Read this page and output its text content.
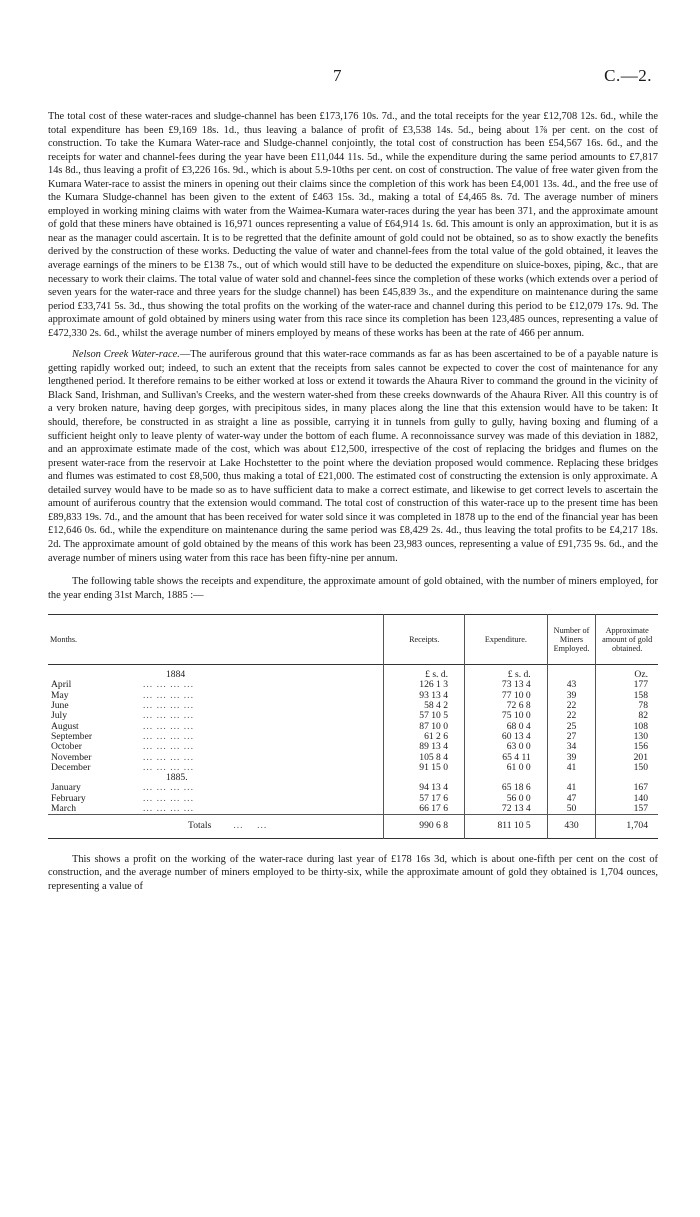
7	C.—2.

The total cost of these water-races and sludge-channel has been £173,176 10s. 7d., and the total receipts for the year £12,708 12s. 6d., while the total expenditure has been £9,169 18s. 1d., thus leaving a balance of profit of £3,538 14s. 5d., being about 1⅞ per cent. on the cost of construction. To take the Kumara Water-race and Sludge-channel conjointly, the total cost of construction has been £54,567 16s. 6d., and the receipts for water and channel-fees during the year have been £11,044 11s. 5d., while the expenditure during the same period amounts to £7,817 14s 8d., thus leaving a profit of £3,226 16s. 9d., which is about 5.9-10ths per cent. on cost of construction. The value of free water given from the Kumara Water-race to assist the miners in opening out their claims since the completion of this work has been £4,001 13s. 4d., and the free use of the Kumara Sludge-channel has been given to the extent of £463 15s. 3d., making a total of £4,465 8s. 7d. The average number of miners employed in working mining claims with water from the Waimea-Kumara water-races during the year has been 371, and the approximate amount of gold that these miners have obtained is 16,971 ounces representing a value of £64,914 1s. 6d. This amount is only an approximation, but it is as near as the manager could ascertain. It is to be regretted that the definite amount of gold could not be obtained, so as to show exactly the benefits derived by the construction of these works. Deducting the value of water and channel-fees from the total value of the gold obtained, it leaves the average earnings of the miners to be £138 7s., out of which would still have to be deducted the expenditure on sluice-boxes, piping, &c., that are necessary to work their claims. The total value of water sold and channel-fees since the completion of these works (which extends over a period of seven years for the water-race and three years for the sludge channel) has been £45,839 3s., and the expenditure on maintenance during the same period £33,741 5s. 3d., thus showing the total profits on the working of the water-race and channel during this period to be £12,079 17s. 9d. The approximate amount of gold obtained by miners using water from this race since its completion has been 123,485 ounces, representing a value of £472,330 2s. 6d., whilst the average number of miners employed by means of these works has been at the rate of 466 per annum.

Nelson Creek Water-race.—The auriferous ground that this water-race commands as far as has been ascertained to be of a payable nature is getting rapidly worked out; indeed, to such an extent that the receipts from sales cannot be expected to cover the cost of maintenance for any lengthened period. It therefore remains to be either worked at loss or extend it towards the Ahaura River to command the ground in the vicinity of Black Sand, Irishman, and Sullivan's Creeks, and the western water-shed from these creeks downwards of the Ahaura River. All this country is of a very broken nature, having deep gorges, with precipitous sides, in many places along the line that this extension would have to be taken: It should, therefore, be constructed in as straight a line as possible, carrying it in tunnels from gully to gully, having boxing and fluming of a sufficient height only to leave plenty of water-way under the bottom of each flume. A reconnoissance survey was made of this deviation in 1882, and an approximate estimate made of the cost, which was about £12,500, irrespective of the cost of replacing the bridges and flumes on the present water-race from the reservoir at Lake Hochstetter to the point where the deviation proposed would commence. Replacing these bridges and flumes was estimated to cost £8,500, thus making a total of £21,000. The estimated cost of constructing the extension is only approximate. A detailed survey would have to be made so as to have sufficient data to make a correct estimate, and likewise to get correct levels to ascertain the amount of auriferous country that the extension would command. The total cost of construction of this water-race up to the present time has been £89,833 19s. 7d., and the amount that has been received for water sold since it was completed in 1878 up to the end of the financial year has been £12,646 0s. 6d., while the expenditure on maintenance during the same period was £8,429 2s. 4d., thus leaving the total profits to be £4,217 18s. 2d. The approximate amount of gold obtained by the means of this work has been 23,983 ounces, representing a value of £91,735 9s. 6d., and the average number of miners using water from this race has been fifty-nine per annum.

The following table shows the receipts and expenditure, the approximate amount of gold obtained, with the number of miners employed, for the year ending 31st March, 1885 :—

Months.	Receipts.	Expenditure.	Number of Miners Employed.	Approximate amount of gold obtained.
1884	£ s. d.	£ s. d.		Oz.
April ... ... ... ...	126 1 3	73 13 4	43	177
May ... ... ... ...	93 13 4	77 10 0	39	158
June ... ... ... ...	58 4 2	72 6 8	22	78
July ... ... ... ...	57 10 5	75 10 0	22	82
August ... ... ... ...	87 10 0	68 0 4	25	108
September ... ... ... ...	61 2 6	60 13 4	27	130
October ... ... ... ...	89 13 4	63 0 0	34	156
November ... ... ... ...	105 8 4	65 4 11	39	201
December ... ... ... ...	91 15 0	61 0 0	41	150
1885.				
January ... ... ... ...	94 13 4	65 18 6	41	167
February ... ... ... ...	57 17 6	56 0 0	47	140
March ... ... ... ...	66 17 6	72 13 4	50	157
Totals ...    ...	990 6 8	811 10 5	430	1,704

This shows a profit on the working of the water-race during last year of £178 16s 3d, which is about one-fifth per cent on the cost of construction, and the average number of miners employed to be thirty-six, while the approximate amount of gold they obtained is 1,704 ounces, representing a value of
